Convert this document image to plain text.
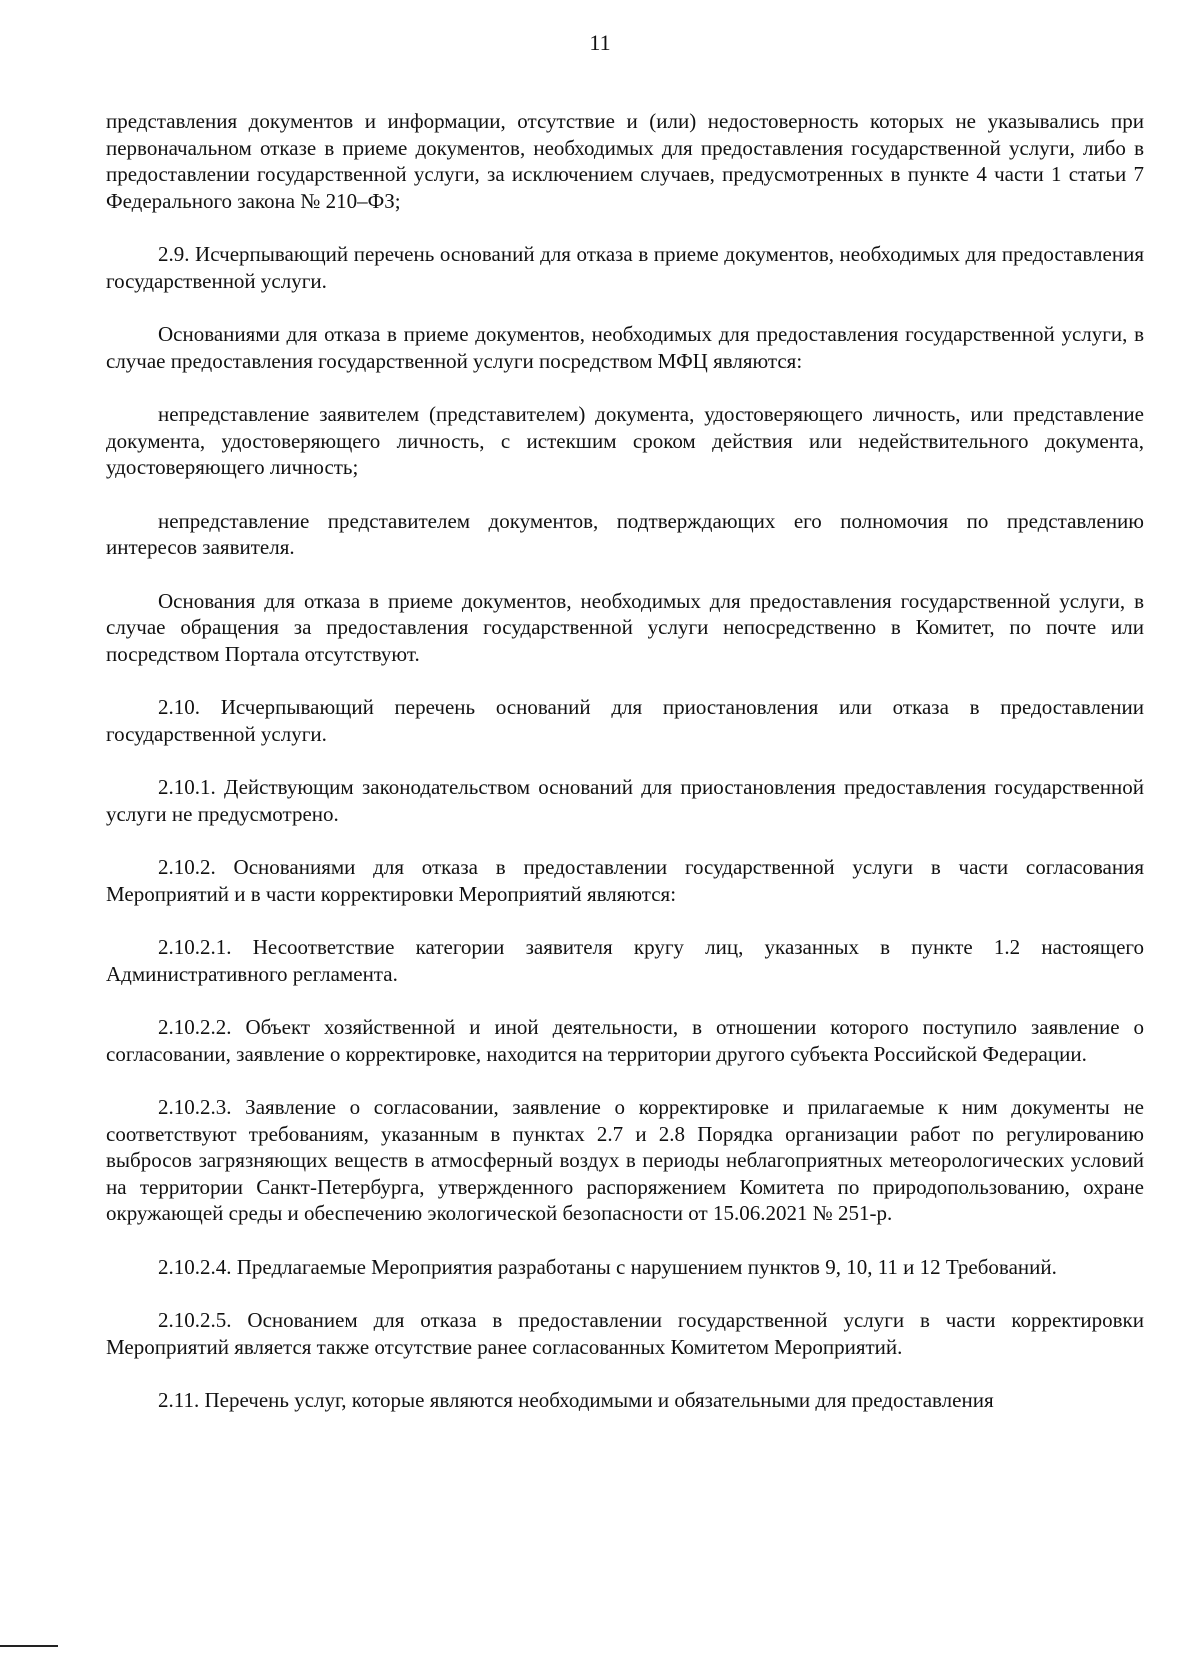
11

представления документов и информации, отсутствие и (или) недостоверность которых не указывались при первоначальном отказе в приеме документов, необходимых для предоставления государственной услуги, либо в предоставлении государственной услуги, за исключением случаев, предусмотренных в пункте 4 части 1 статьи 7 Федерального закона № 210–ФЗ;

2.9. Исчерпывающий перечень оснований для отказа в приеме документов, необходимых для предоставления государственной услуги.

Основаниями для отказа в приеме документов, необходимых для предоставления государственной услуги, в случае предоставления государственной услуги посредством МФЦ являются:

непредставление заявителем (представителем) документа, удостоверяющего личность, или представление документа, удостоверяющего личность, с истекшим сроком действия или недействительного документа, удостоверяющего личность;

непредставление представителем документов, подтверждающих его полномочия по представлению интересов заявителя.

Основания для отказа в приеме документов, необходимых для предоставления государственной услуги, в случае обращения за предоставления государственной услуги непосредственно в Комитет, по почте или посредством Портала отсутствуют.

2.10. Исчерпывающий перечень оснований для приостановления или отказа в предоставлении государственной услуги.

2.10.1. Действующим законодательством оснований для приостановления предоставления государственной услуги не предусмотрено.

2.10.2. Основаниями для отказа в предоставлении государственной услуги в части согласования Мероприятий и в части корректировки Мероприятий являются:

2.10.2.1. Несоответствие категории заявителя кругу лиц, указанных в пункте 1.2 настоящего Административного регламента.

2.10.2.2. Объект хозяйственной и иной деятельности, в отношении которого поступило заявление о согласовании, заявление о корректировке, находится на территории другого субъекта Российской Федерации.

2.10.2.3. Заявление о согласовании, заявление о корректировке и прилагаемые к ним документы не соответствуют требованиям, указанным в пунктах 2.7 и 2.8 Порядка организации работ по регулированию выбросов загрязняющих веществ в атмосферный воздух в периоды неблагоприятных метеорологических условий на территории Санкт-Петербурга, утвержденного распоряжением Комитета по природопользованию, охране окружающей среды и обеспечению экологической безопасности от 15.06.2021 № 251-р.

2.10.2.4. Предлагаемые Мероприятия разработаны с нарушением пунктов 9, 10, 11 и 12 Требований.

2.10.2.5. Основанием для отказа в предоставлении государственной услуги в части корректировки Мероприятий является также отсутствие ранее согласованных Комитетом Мероприятий.

2.11. Перечень услуг, которые являются необходимыми и обязательными для предоставления
